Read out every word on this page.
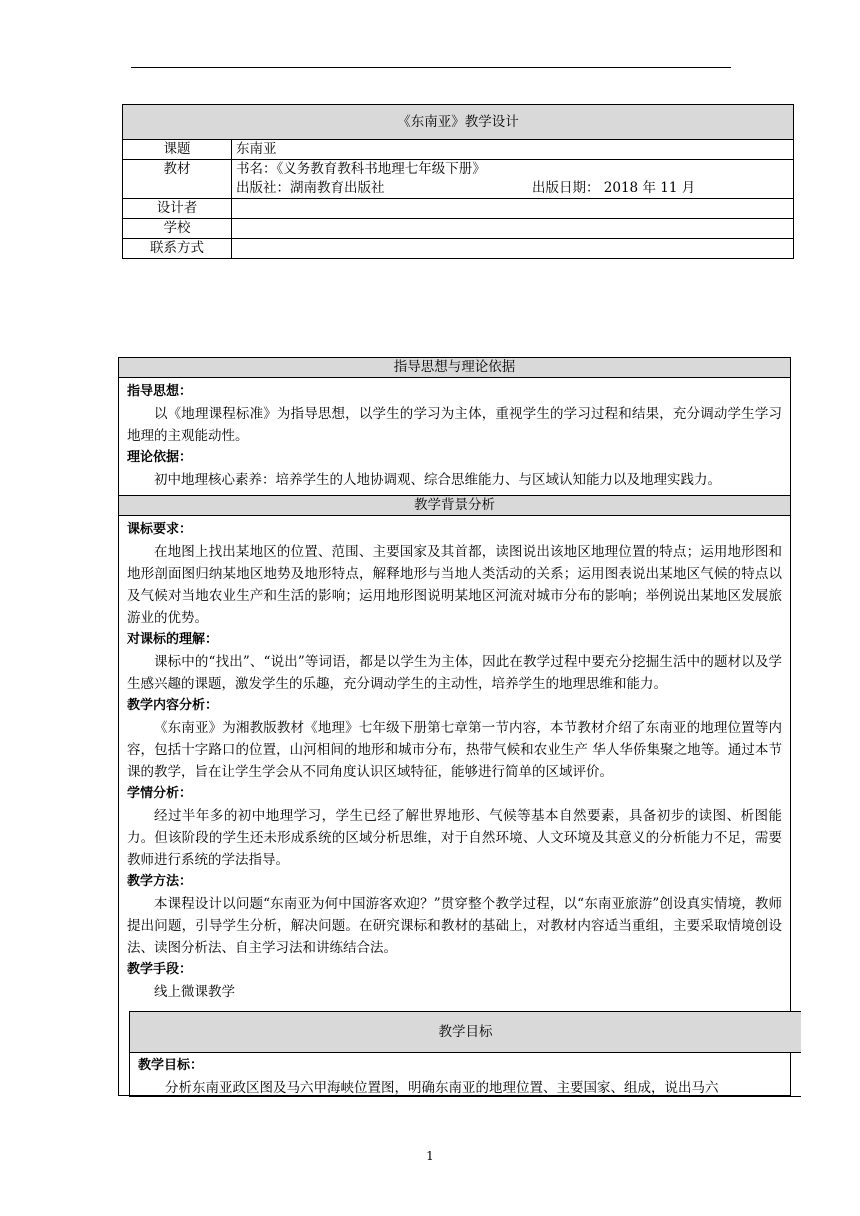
《东南亚》教学设计	
课题	东南亚
教材	书名：《义务教育教科书地理七年级下册》
出版社：湖南教育出版社 出版日期： 2018 年 11 月

设计者	
学校	
联系方式	
指导思想与理论依据
指导思想：
以《地理课程标准》为指导思想，以学生的学习为主体，重视学生的学习过程和结果，充分调动学生学习地理的主观能动性。
理论依据：
初中地理核心素养：培养学生的人地协调观、综合思维能力、与区域认知能力以及地理实践力。
教学背景分析
课标要求：
在地图上找出某地区的位置、范围、主要国家及其首都，读图说出该地区地理位置的特点；运用地形图和地形剖面图归纳某地区地势及地形特点，解释地形与当地人类活动的关系；运用图表说出某地区气候的特点以及气候对当地农业生产和生活的影响；运用地形图说明某地区河流对城市分布的影响；举例说出某地区发展旅游业的优势。
对课标的理解：
课标中的“找出”、“说出”等词语，都是以学生为主体，因此在教学过程中要充分挖掘生活中的题材以及学生感兴趣的课题，激发学生的乐趣，充分调动学生的主动性，培养学生的地理思维和能力。
教学内容分析：
《东南亚》为湘教版教材《地理》七年级下册第七章第一节内容，本节教材介绍了东南亚的地理位置等内容，包括十字路口的位置，山河相间的地形和城市分布，热带气候和农业生产 华人华侨集聚之地等。通过本节课的教学，旨在让学生学会从不同角度认识区域特征，能够进行简单的区域评价。
学情分析：
经过半年多的初中地理学习，学生已经了解世界地形、气候等基本自然要素，具备初步的读图、析图能力。但该阶段的学生还未形成系统的区域分析思维，对于自然环境、人文环境及其意义的分析能力不足，需要教师进行系统的学法指导。
教学方法：
本课程设计以问题“东南亚为何中国游客欢迎？”贯穿整个教学过程，以“东南亚旅游”创设真实情境，教师提出问题，引导学生分析，解决问题。在研究课标和教材的基础上，对教材内容适当重组，主要采取情境创设法、读图分析法、自主学习法和讲练结合法。
教学手段：
线上微课教学
教学目标
教学目标：
分析东南亚政区图及马六甲海峡位置图，明确东南亚的地理位置、主要国家、组成，说出马六
1
